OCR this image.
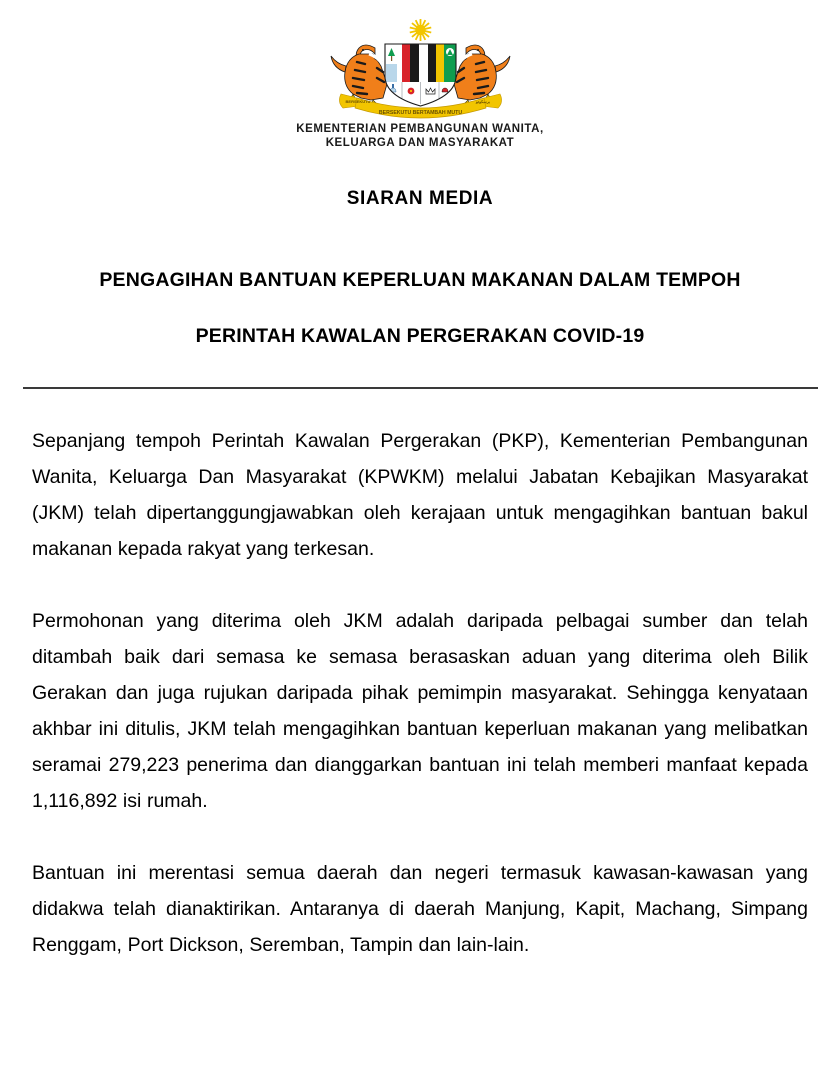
BERSEKUTU BERTAMBAH MUTU
BERSEKUTU	برسكوتو
KEMENTERIAN PEMBANGUNAN WANITA,
KELUARGA DAN MASYARAKAT
SIARAN MEDIA
PENGAGIHAN BANTUAN KEPERLUAN MAKANAN DALAM TEMPOH
PERINTAH KAWALAN PERGERAKAN COVID-19

Sepanjang tempoh Perintah Kawalan Pergerakan (PKP), Kementerian Pembangunan Wanita, Keluarga Dan Masyarakat (KPWKM) melalui Jabatan Kebajikan Masyarakat (JKM) telah dipertanggungjawabkan oleh kerajaan untuk mengagihkan bantuan bakul makanan kepada rakyat yang terkesan.

Permohonan yang diterima oleh JKM adalah daripada pelbagai sumber dan telah ditambah baik dari semasa ke semasa berasaskan aduan yang diterima oleh Bilik Gerakan dan juga rujukan daripada pihak pemimpin masyarakat. Sehingga kenyataan akhbar ini ditulis, JKM telah mengagihkan bantuan keperluan makanan yang melibatkan seramai 279,223 penerima dan dianggarkan bantuan ini telah memberi manfaat kepada 1,116,892 isi rumah.

Bantuan ini merentasi semua daerah dan negeri termasuk kawasan-kawasan yang didakwa telah dianaktirikan. Antaranya di daerah Manjung, Kapit, Machang, Simpang Renggam, Port Dickson, Seremban, Tampin dan lain-lain.
